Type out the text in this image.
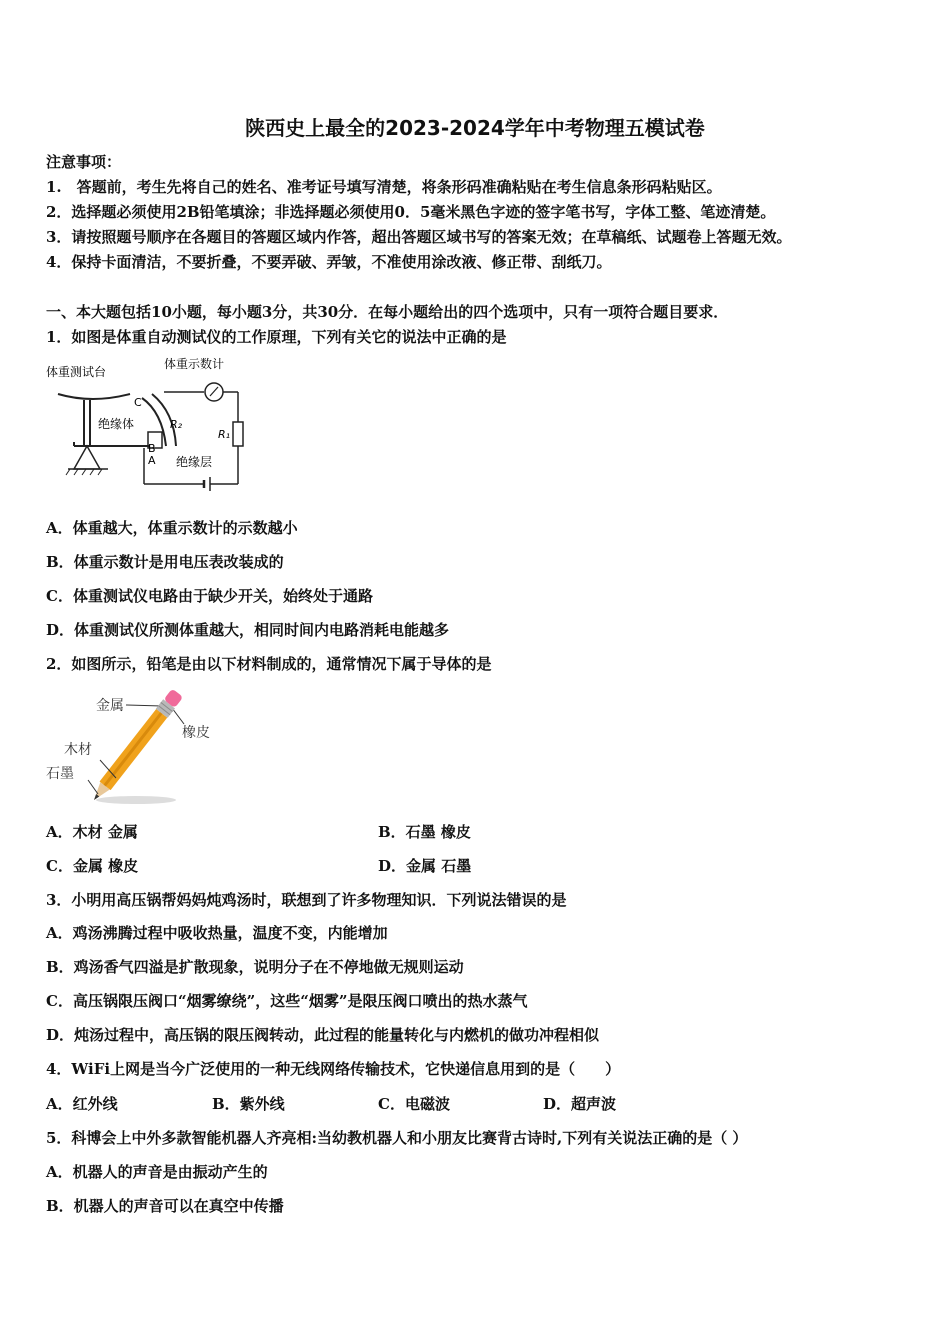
陕西史上最全的2023-2024学年中考物理五模试卷
注意事项：
1.　答题前，考生先将自己的姓名、准考证号填写清楚，将条形码准确粘贴在考生信息条形码粘贴区。
2．选择题必须使用2B铅笔填涂；非选择题必须使用0．5毫米黑色字迹的签字笔书写，字体工整、笔迹清楚。
3．请按照题号顺序在各题目的答题区域内作答，超出答题区域书写的答案无效；在草稿纸、试题卷上答题无效。
4．保持卡面清洁，不要折叠，不要弄破、弄皱，不准使用涂改液、修正带、刮纸刀。
一、本大题包括10小题，每小题3分，共30分．在每小题给出的四个选项中，只有一项符合题目要求．
1．如图是体重自动测试仪的工作原理，下列有关它的说法中正确的是
体重测试台
体重示数计
绝缘体
C
R₂
B
A 绝缘层
R₁
A．体重越大，体重示数计的示数越小
B．体重示数计是用电压表改装成的
C．体重测试仪电路由于缺少开关，始终处于通路
D．体重测试仪所测体重越大，相同时间内电路消耗电能越多
2．如图所示，铅笔是由以下材料制成的，通常情况下属于导体的是
金属
橡皮
木材
石墨
A．木材 金属	B．石墨 橡皮
C．金属 橡皮	D．金属 石墨
3．小明用高压锅帮妈妈炖鸡汤时，联想到了许多物理知识．下列说法错误的是
A．鸡汤沸腾过程中吸收热量，温度不变，内能增加
B．鸡汤香气四溢是扩散现象，说明分子在不停地做无规则运动
C．高压锅限压阀口“烟雾缭绕”，这些“烟雾”是限压阀口喷出的热水蒸气
D．炖汤过程中，高压锅的限压阀转动，此过程的能量转化与内燃机的做功冲程相似
4．WiFi上网是当今广泛使用的一种无线网络传输技术，它快递信息用到的是（　　）
A．红外线	B．紫外线	C．电磁波	D．超声波
5．科博会上中外多款智能机器人齐亮相:当幼教机器人和小朋友比赛背古诗时,下列有关说法正确的是（ ）
A．机器人的声音是由振动产生的
B．机器人的声音可以在真空中传播
